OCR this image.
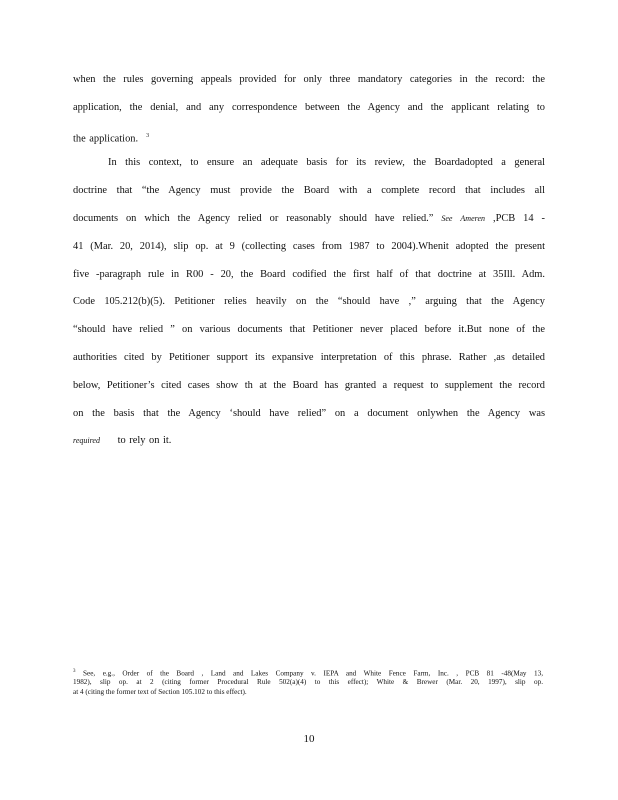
when the rules governing appeals provided for only three mandatory categories in the record: the
application, the denial, and any correspondence between the Agency and the applicant relating to
the application. $^3$
In this context, to ensure an adequate basis for its review, the Boardadopted a general
doctrine that “the Agency must provide the Board with a complete record that includes all
documents on which the Agency relied or reasonably should have relied.” See Ameren ,PCB 14 -
41 (Mar. 20, 2014), slip op. at 9 (collecting cases from 1987 to 2004).Whenit adopted the present
five -paragraph rule in R00 - 20, the Board codified the first half of that doctrine at 35Ill. Adm.
Code 105.212(b)(5). Petitioner relies heavily on the “should have ,” arguing that the Agency
“should have relied ” on various documents that Petitioner never placed before it.But none of the
authorities cited by Petitioner support its expansive interpretation of this phrase. Rather ,as detailed
below, Petitioner’s cited cases show th at the Board has granted a request to supplement the record
on the basis that the Agency ‘should have relied” on a document onlywhen the Agency was
required to rely on it.
$^3$ See, e.g., Order of the Board , Land and Lakes Company v. IEPA and White Fence Farm, Inc. , PCB 81 -48(May 13,
1982), slip op. at 2 (citing former Procedural Rule 502(a)(4) to this effect); White & Brewer (Mar. 20, 1997), slip op.
at 4 (citing the former text of Section 105.102 to this effect).
10
